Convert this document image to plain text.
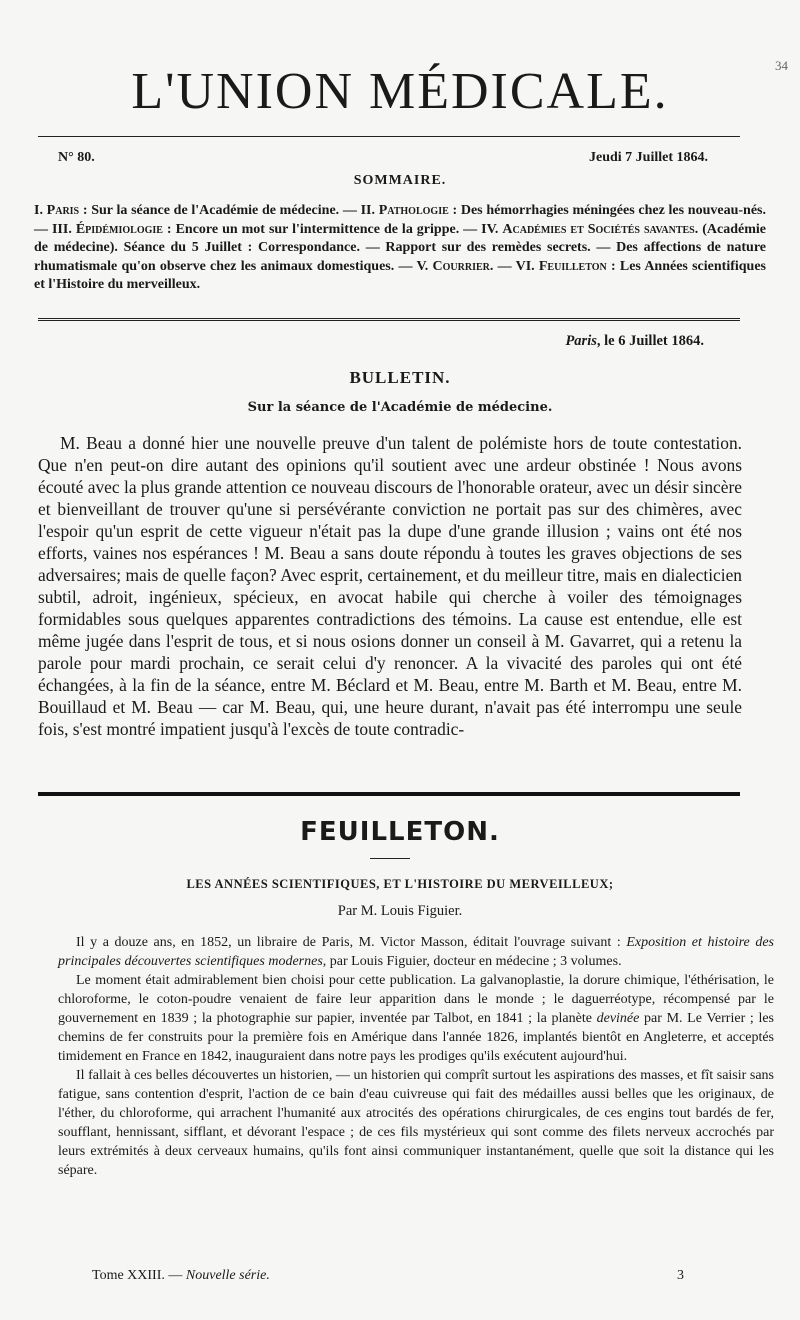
34
L'UNION MÉDICALE.
N° 80.	Jeudi 7 Juillet 1864.
SOMMAIRE.
I. Paris : Sur la séance de l'Académie de médecine. — II. Pathologie : Des hémorrhagies méningées chez les nouveau-nés. — III. Épidémiologie : Encore un mot sur l'intermittence de la grippe. — IV. Académies et Sociétés savantes. (Académie de médecine). Séance du 5 Juillet : Correspondance. — Rapport sur des remèdes secrets. — Des affections de nature rhumatismale qu'on observe chez les animaux domestiques. — V. Courrier. — VI. Feuilleton : Les Années scientifiques et l'Histoire du merveilleux.
Paris, le 6 Juillet 1864.
BULLETIN.
Sur la séance de l'Académie de médecine.

M. Beau a donné hier une nouvelle preuve d'un talent de polémiste hors de toute contestation. Que n'en peut-on dire autant des opinions qu'il soutient avec une ardeur obstinée ! Nous avons écouté avec la plus grande attention ce nouveau discours de l'honorable orateur, avec un désir sincère et bienveillant de trouver qu'une si persévérante conviction ne portait pas sur des chimères, avec l'espoir qu'un esprit de cette vigueur n'était pas la dupe d'une grande illusion ; vains ont été nos efforts, vaines nos espérances ! M. Beau a sans doute répondu à toutes les graves objections de ses adversaires; mais de quelle façon? Avec esprit, certainement, et du meilleur titre, mais en dialecticien subtil, adroit, ingénieux, spécieux, en avocat habile qui cherche à voiler des témoignages formidables sous quelques apparentes contradictions des témoins. La cause est entendue, elle est même jugée dans l'esprit de tous, et si nous osions donner un conseil à M. Gavarret, qui a retenu la parole pour mardi prochain, ce serait celui d'y renoncer. A la vivacité des paroles qui ont été échangées, à la fin de la séance, entre M. Béclard et M. Beau, entre M. Barth et M. Beau, entre M. Bouillaud et M. Beau — car M. Beau, qui, une heure durant, n'avait pas été interrompu une seule fois, s'est montré impatient jusqu'à l'excès de toute contradic-

FEUILLETON.
LES ANNÉES SCIENTIFIQUES, ET L'HISTOIRE DU MERVEILLEUX;
Par M. Louis Figuier.

Il y a douze ans, en 1852, un libraire de Paris, M. Victor Masson, éditait l'ouvrage suivant : Exposition et histoire des principales découvertes scientifiques modernes, par Louis Figuier, docteur en médecine ; 3 volumes.

Le moment était admirablement bien choisi pour cette publication. La galvanoplastie, la dorure chimique, l'éthérisation, le chloroforme, le coton-poudre venaient de faire leur apparition dans le monde ; le daguerréotype, récompensé par le gouvernement en 1839 ; la photographie sur papier, inventée par Talbot, en 1841 ; la planète devinée par M. Le Verrier ; les chemins de fer construits pour la première fois en Amérique dans l'année 1826, implantés bientôt en Angleterre, et acceptés timidement en France en 1842, inauguraient dans notre pays les prodiges qu'ils exécutent aujourd'hui.

Il fallait à ces belles découvertes un historien, — un historien qui comprît surtout les aspirations des masses, et fît saisir sans fatigue, sans contention d'esprit, l'action de ce bain d'eau cuivreuse qui fait des médailles aussi belles que les originaux, de l'éther, du chloroforme, qui arrachent l'humanité aux atrocités des opérations chirurgicales, de ces engins tout bardés de fer, soufflant, hennissant, sifflant, et dévorant l'espace ; de ces fils mystérieux qui sont comme des filets nerveux accrochés par leurs extrémités à deux cerveaux humains, qu'ils font ainsi communiquer instantanément, quelle que soit la distance qui les sépare.

Tome XXIII. — Nouvelle série.	3
